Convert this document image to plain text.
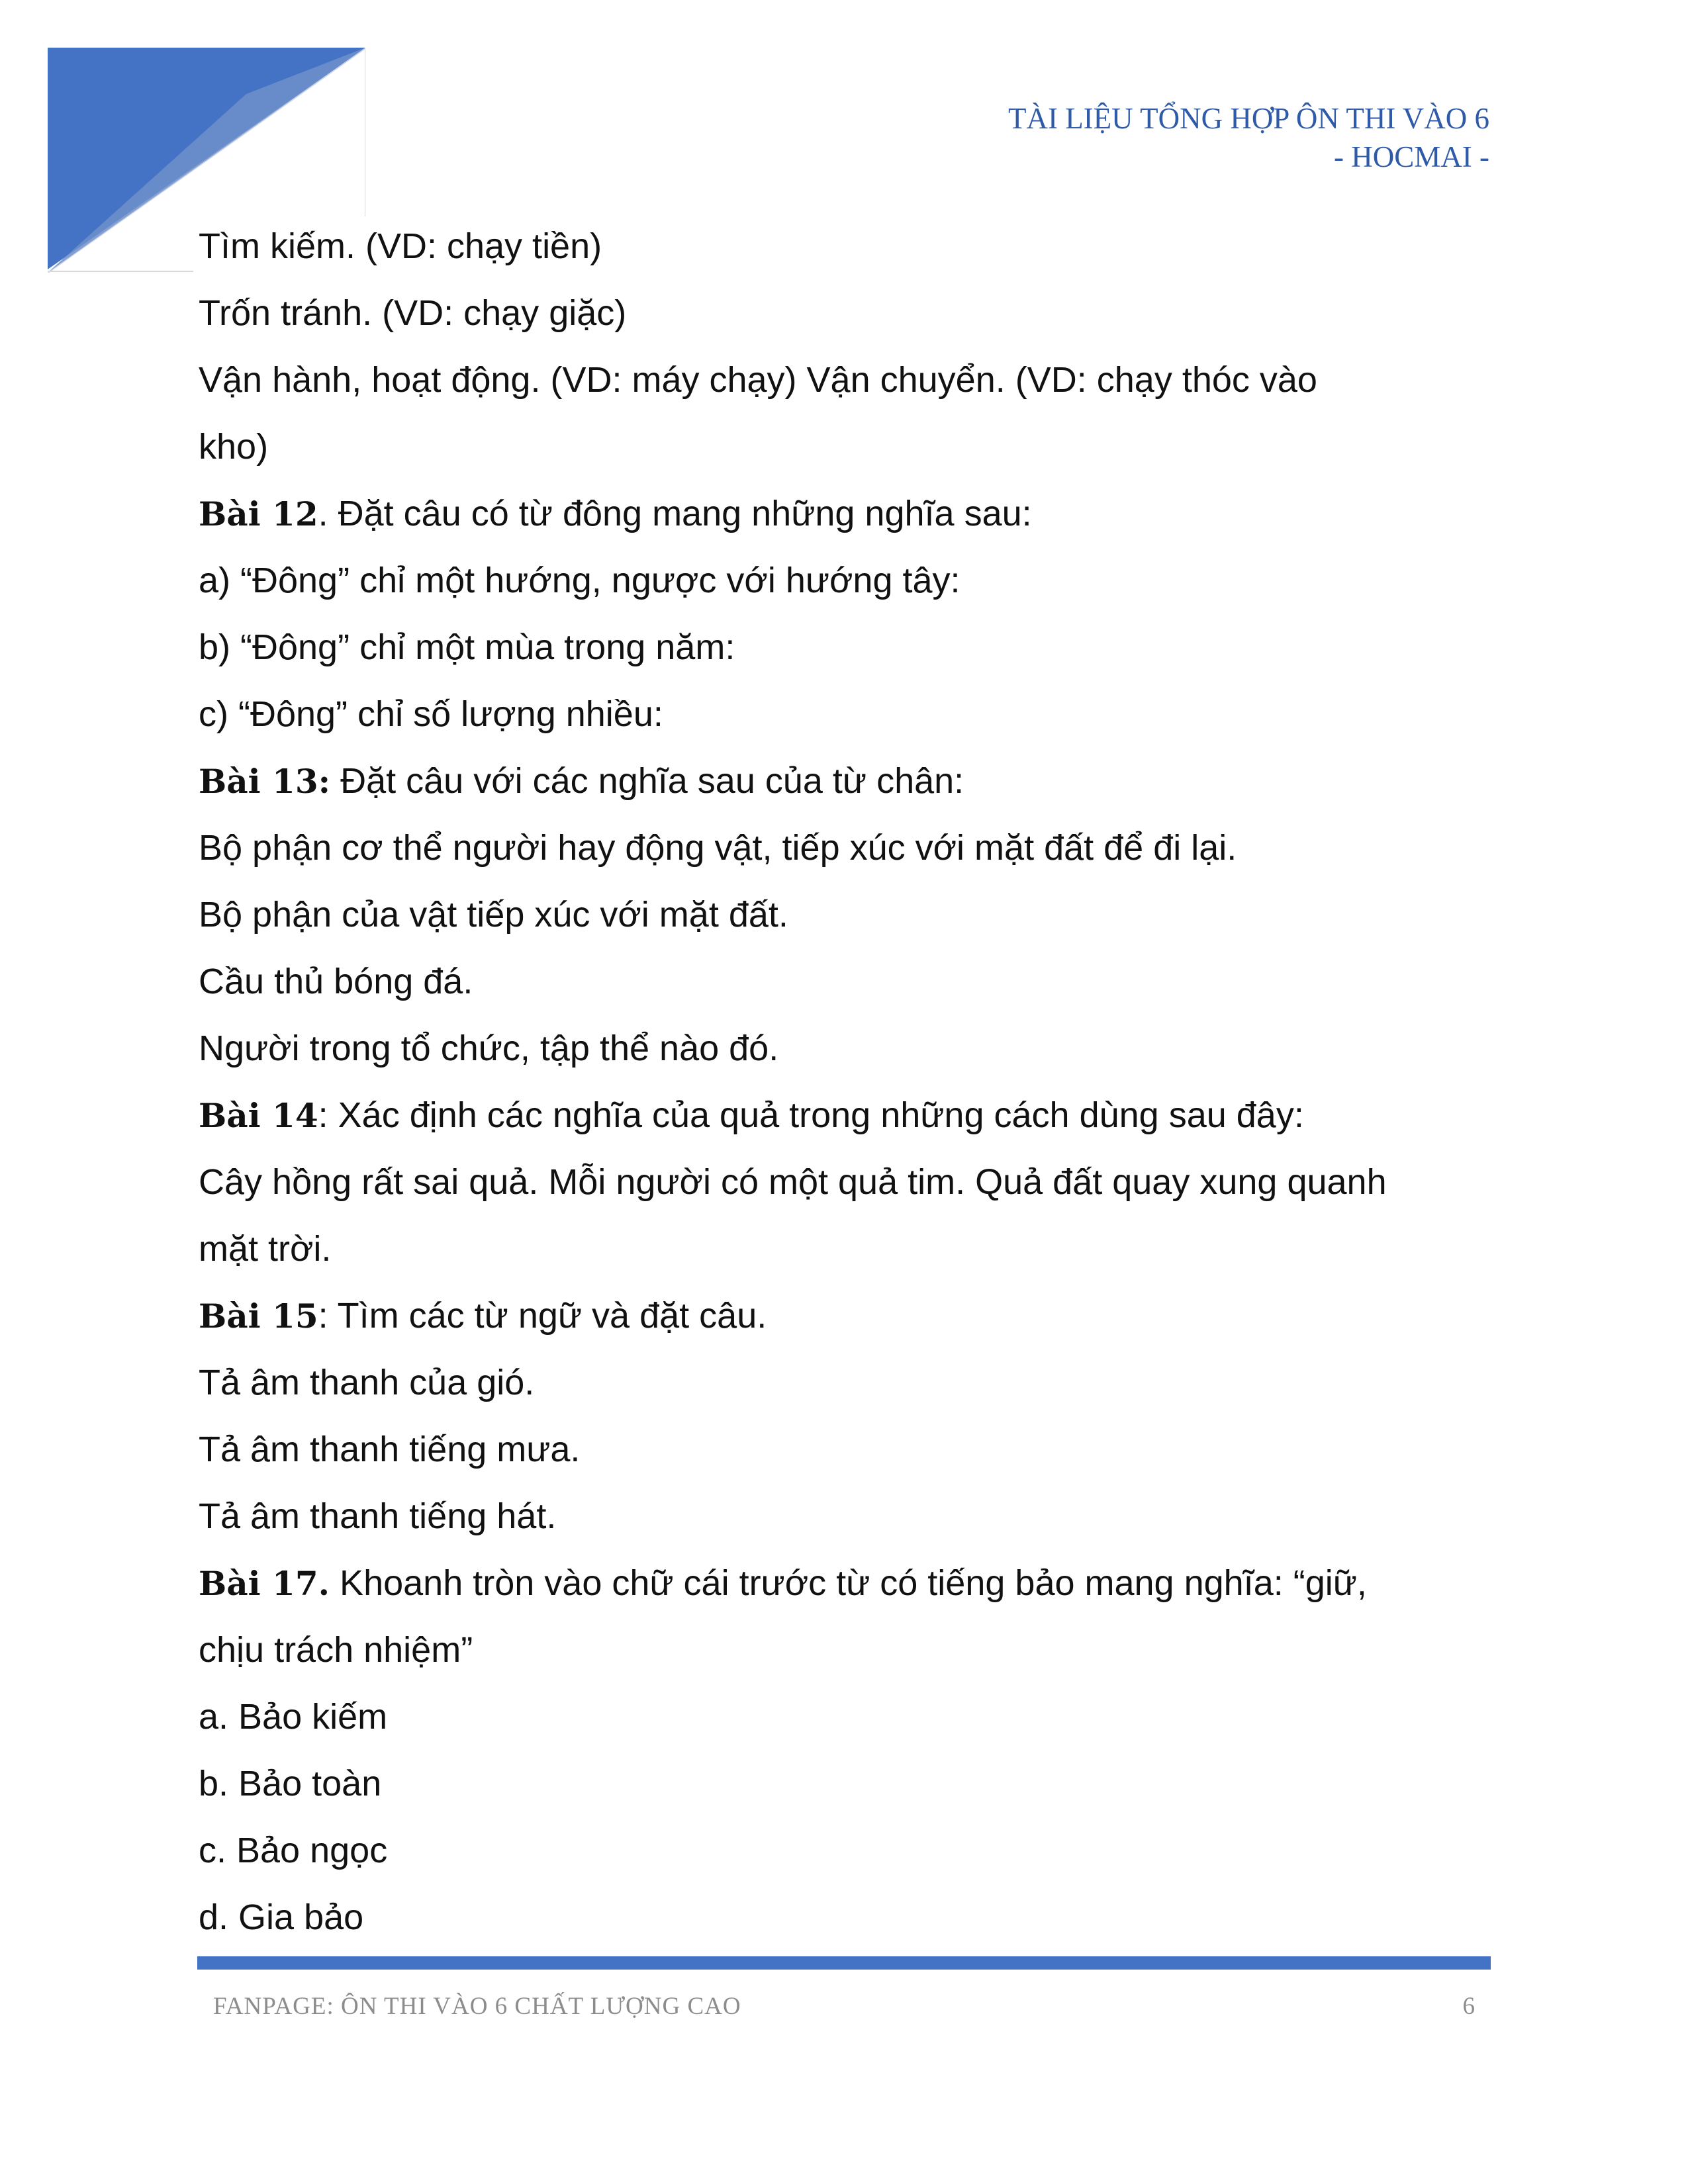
TÀI LIỆU TỔNG HỢP ÔN THI VÀO 6
- HOCMAI -
Tìm kiếm. (VD: chạy tiền)
Trốn tránh. (VD: chạy giặc)
Vận hành, hoạt động. (VD: máy chạy) Vận chuyển. (VD: chạy thóc vào
kho)
Bài 12. Đặt câu có từ đông mang những nghĩa sau:
a) “Đông” chỉ một hướng, ngược với hướng tây:
b) “Đông” chỉ một mùa trong năm:
c) “Đông” chỉ số lượng nhiều:
Bài 13: Đặt câu với các nghĩa sau của từ chân:
Bộ phận cơ thể người hay động vật, tiếp xúc với mặt đất để đi lại.
Bộ phận của vật tiếp xúc với mặt đất.
Cầu thủ bóng đá.
Người trong tổ chức, tập thể nào đó.
Bài 14: Xác định các nghĩa của quả trong những cách dùng sau đây:
Cây hồng rất sai quả. Mỗi người có một quả tim. Quả đất quay xung quanh
mặt trời.
Bài 15: Tìm các từ ngữ và đặt câu.
Tả âm thanh của gió.
Tả âm thanh tiếng mưa.
Tả âm thanh tiếng hát.
Bài 17. Khoanh tròn vào chữ cái trước từ có tiếng bảo mang nghĩa: “giữ,
chịu trách nhiệm”
a. Bảo kiếm
b. Bảo toàn
c. Bảo ngọc
d. Gia bảo
FANPAGE: ÔN THI VÀO 6 CHẤT LƯỢNG CAO	6
